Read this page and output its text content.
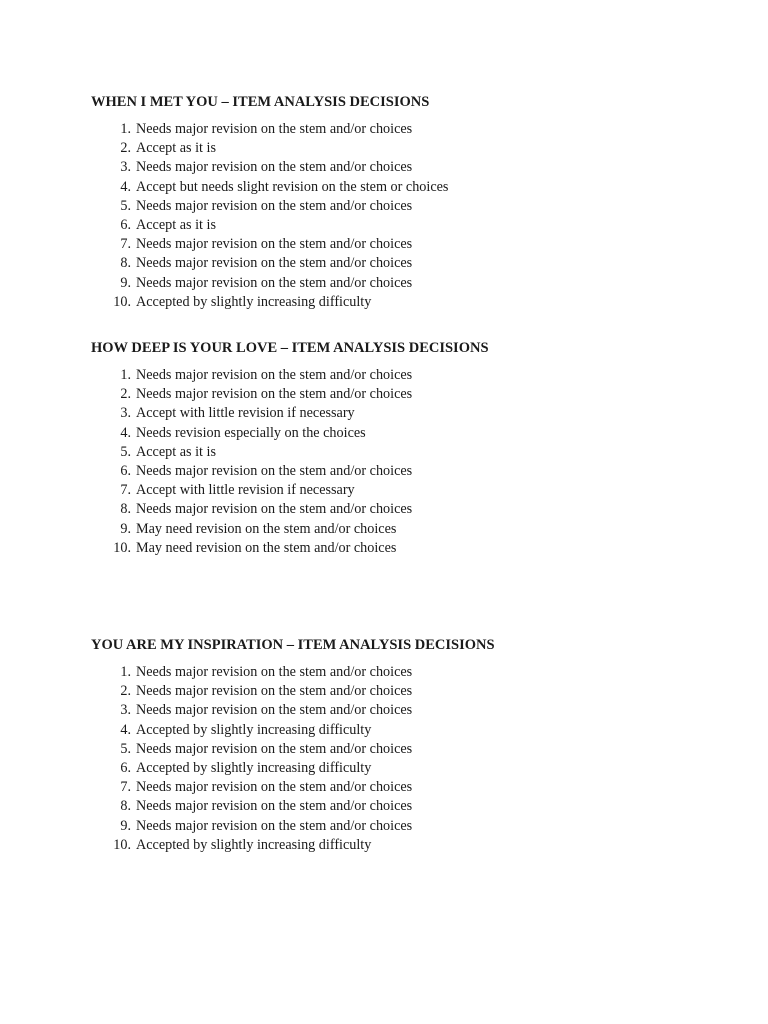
WHEN I MET YOU – ITEM ANALYSIS DECISIONS
1. Needs major revision on the stem and/or choices
2. Accept as it is
3. Needs major revision on the stem and/or choices
4. Accept but needs slight revision on the stem or choices
5. Needs major revision on the stem and/or choices
6. Accept as it is
7. Needs major revision on the stem and/or choices
8. Needs major revision on the stem and/or choices
9. Needs major revision on the stem and/or choices
10. Accepted by slightly increasing difficulty
HOW DEEP IS YOUR LOVE – ITEM ANALYSIS DECISIONS
1. Needs major revision on the stem and/or choices
2. Needs major revision on the stem and/or choices
3. Accept with little revision if necessary
4. Needs revision especially on the choices
5. Accept as it is
6. Needs major revision on the stem and/or choices
7. Accept with little revision if necessary
8. Needs major revision on the stem and/or choices
9. May need revision on the stem and/or choices
10. May need revision on the stem and/or choices
YOU ARE MY INSPIRATION – ITEM ANALYSIS DECISIONS
1. Needs major revision on the stem and/or choices
2. Needs major revision on the stem and/or choices
3. Needs major revision on the stem and/or choices
4. Accepted by slightly increasing difficulty
5. Needs major revision on the stem and/or choices
6. Accepted by slightly increasing difficulty
7. Needs major revision on the stem and/or choices
8. Needs major revision on the stem and/or choices
9. Needs major revision on the stem and/or choices
10. Accepted by slightly increasing difficulty
